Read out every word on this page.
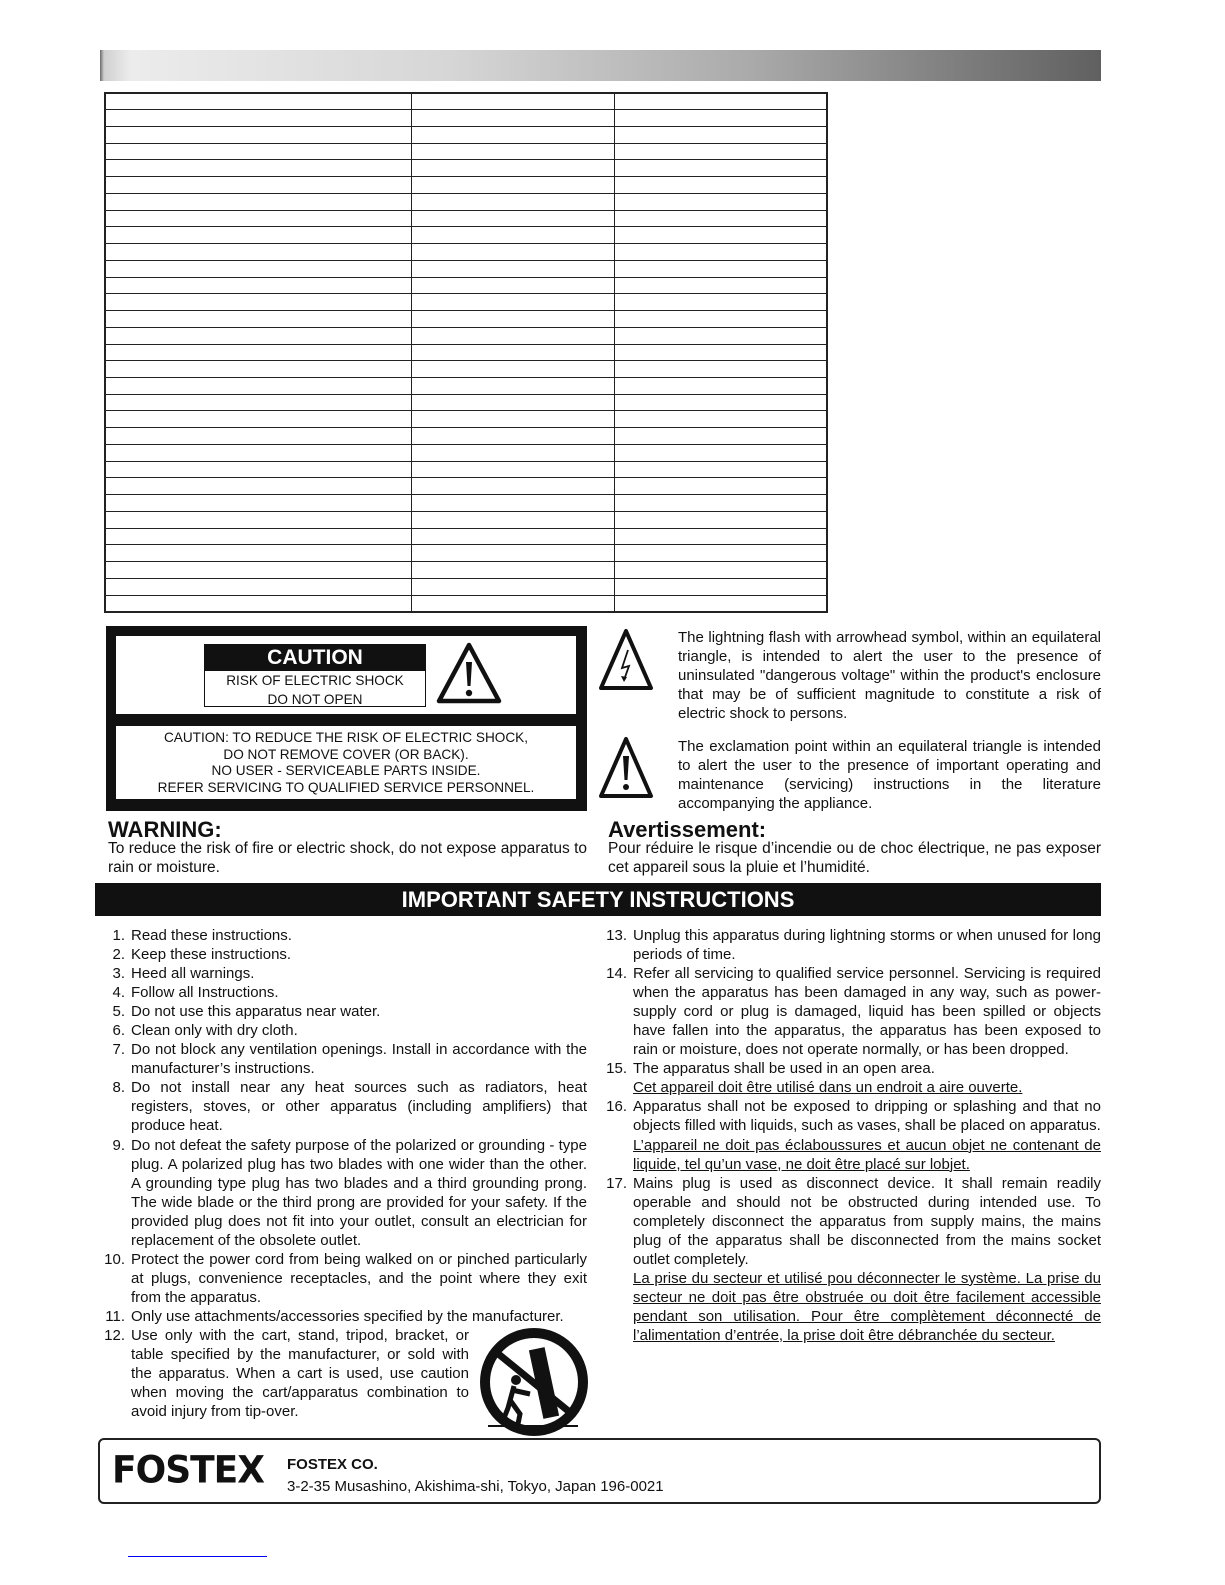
CAUTION
RISK OF ELECTRIC SHOCK
DO NOT OPEN
CAUTION: TO REDUCE THE RISK OF ELECTRIC SHOCK,
DO NOT REMOVE COVER (OR BACK).
NO USER - SERVICEABLE PARTS INSIDE.
REFER SERVICING TO QUALIFIED SERVICE PERSONNEL.
The lightning flash with arrowhead symbol, within an equilateral triangle, is intended to alert the user to the presence of uninsulated "dangerous voltage" within the product's enclosure that may be of sufficient magnitude to constitute a risk of electric shock to persons.
The exclamation point within an equilateral triangle is intended to alert the user to the presence of important operating and maintenance (servicing) instructions in the literature accompanying the appliance.
WARNING:
To reduce the risk of fire or electric shock, do not expose apparatus to rain or moisture.
Avertissement:
Pour réduire le risque d’incendie ou de choc électrique, ne pas exposer cet appareil sous la pluie et l’humidité.
IMPORTANT SAFETY INSTRUCTIONS
1. Read these instructions.
2. Keep these instructions.
3. Heed all warnings.
4. Follow all Instructions.
5. Do not use this apparatus near water.
6. Clean only with dry cloth.
7. Do not block any ventilation openings. Install in accordance with the manufacturer’s instructions.
8. Do not install near any heat sources such as radiators, heat registers, stoves, or other apparatus (including amplifiers) that produce heat.
9. Do not defeat the safety purpose of the polarized or grounding - type plug. A polarized plug has two blades with one wider than the other. A grounding type plug has two blades and a third grounding prong. The wide blade or the third prong are provided for your safety. If the provided plug does not fit into your outlet, consult an electrician for replacement of the obsolete outlet.
10. Protect the power cord from being walked on or pinched particularly at plugs, convenience receptacles, and the point where they exit from the apparatus.
11. Only use attachments/accessories specified by the manufacturer.
12. Use only with the cart, stand, tripod, bracket, or table specified by the manufacturer, or sold with the apparatus. When a cart is used, use caution when moving the cart/apparatus combination to avoid injury from tip-over.
13. Unplug this apparatus during lightning storms or when unused for long periods of time.
14. Refer all servicing to qualified service personnel. Servicing is required when the apparatus has been damaged in any way, such as power-supply cord or plug is damaged, liquid has been spilled or objects have fallen into the apparatus, the apparatus has been exposed to rain or moisture, does not operate normally, or has been dropped.
15. The apparatus shall be used in an open area.
Cet appareil doit être utilisé dans un endroit a aire ouverte.
16. Apparatus shall not be exposed to dripping or splashing and that no objects filled with liquids, such as vases, shall be placed on apparatus.
L’appareil ne doit pas éclaboussures et aucun objet ne contenant de liquide, tel qu’un vase, ne doit être placé sur lobjet.
17. Mains plug is used as disconnect device. It shall remain readily operable and should not be obstructed during intended use. To completely disconnect the apparatus from supply mains, the mains plug of the apparatus shall be disconnected from the mains socket outlet completely.
La prise du secteur et utilisé pou déconnecter le système. La prise du secteur ne doit pas être obstruée ou doit être facilement accessible pendant son utilisation. Pour être complètement déconnecté de l’alimentation d’entrée, la prise doit être débranchée du secteur.
FOSTEX FOSTEX CO.
3-2-35 Musashino, Akishima-shi, Tokyo, Japan 196-0021
